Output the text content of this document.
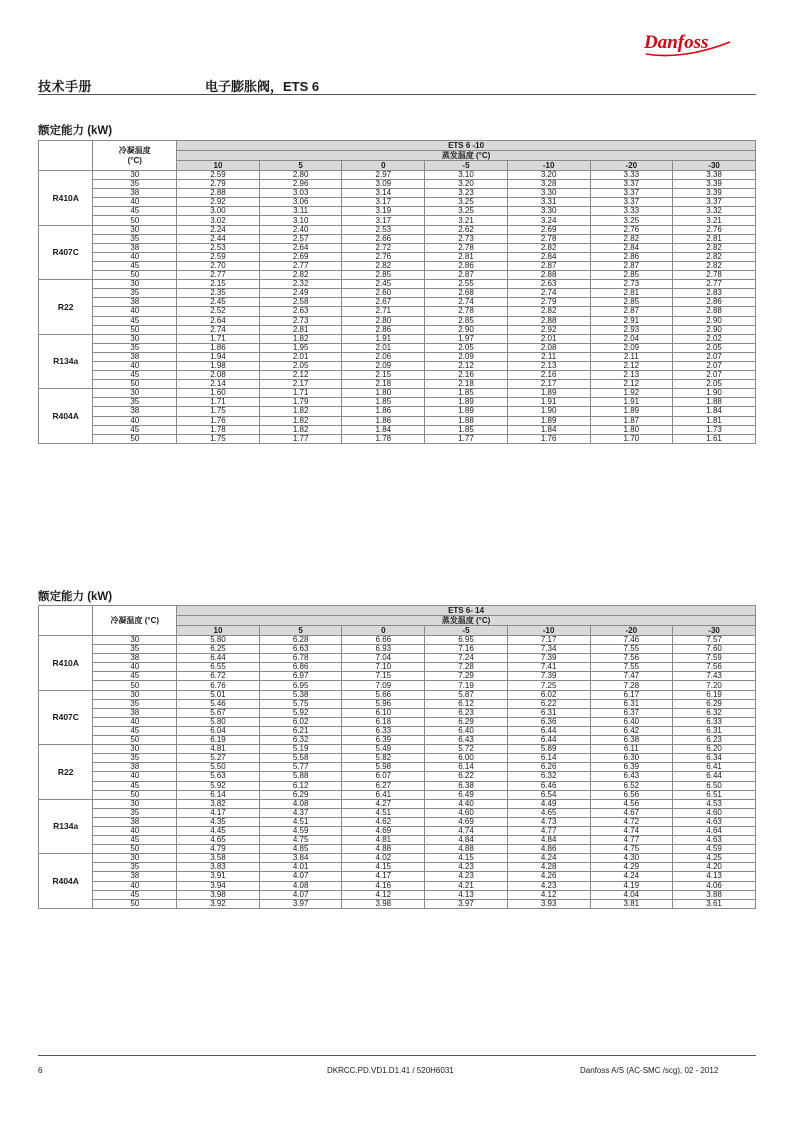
Danfoss
技术手册	电子膨胀阀，ETS 6
额定能力 (kW)

	冷凝温度
(°C)	ETS 6 -10						
		蒸发温度 (°C)						
		10	5	0	-5	-10	-20	-30
R410A	30	2.59	2.80	2.97	3.10	3.20	3.33	3.38
	35	2.79	2.96	3.09	3.20	3.28	3.37	3.39
	38	2.88	3.03	3.14	3.23	3.30	3.37	3.39
	40	2.92	3.06	3.17	3.25	3.31	3.37	3.37
	45	3.00	3.11	3.19	3.25	3.30	3.33	3.32
	50	3.02	3.10	3.17	3.21	3.24	3.25	3.21
R407C	30	2.24	2.40	2.53	2.62	2.69	2.76	2.76
	35	2.44	2.57	2.66	2.73	2.78	2.82	2.81
	38	2.53	2.64	2.72	2.78	2.82	2.84	2.82
	40	2.59	2.69	2.76	2.81	2.84	2.86	2.82
	45	2.70	2.77	2.82	2.86	2.87	2.87	2.82
	50	2.77	2.82	2.85	2.87	2.88	2.85	2.78
R22	30	2.15	2.32	2.45	2.55	2.63	2.73	2.77
	35	2.35	2.49	2.60	2.68	2.74	2.81	2.83
	38	2.45	2.58	2.67	2.74	2.79	2.85	2.86
	40	2.52	2.63	2.71	2.78	2.82	2.87	2.88
	45	2.64	2.73	2.80	2.85	2.88	2.91	2.90
	50	2.74	2.81	2.86	2.90	2.92	2.93	2.90
R134a	30	1.71	1.82	1.91	1.97	2.01	2.04	2.02
	35	1.86	1.95	2.01	2.05	2.08	2.09	2.05
	38	1.94	2.01	2.06	2.09	2.11	2.11	2.07
	40	1.98	2.05	2.09	2.12	2.13	2.12	2.07
	45	2.08	2.12	2.15	2.16	2.16	2.13	2.07
	50	2.14	2.17	2.18	2.18	2.17	2.12	2.05
R404A	30	1.60	1.71	1.80	1.85	1.89	1.92	1.90
	35	1.71	1.79	1.85	1.89	1.91	1.91	1.88
	38	1.75	1.82	1.86	1.89	1.90	1.89	1.84
	40	1.76	1.82	1.86	1.88	1.89	1.87	1.81
	45	1.78	1.82	1.84	1.85	1.84	1.80	1.73
	50	1.75	1.77	1.78	1.77	1.76	1.70	1.61
额定能力 (kW)

	冷凝温度 (°C)	ETS 6- 14						
		蒸发温度 (°C)						
		10	5	0	-5	-10	-20	-30
R410A	30	5.80	6.28	6.66	6.95	7.17	7.46	7.57
	35	6.25	6.63	6.93	7.16	7.34	7.55	7.60
	38	6.44	6.78	7.04	7.24	7.39	7.56	7.59
	40	6.55	6.86	7.10	7.28	7.41	7.55	7.56
	45	6.72	6.97	7.15	7.29	7.39	7.47	7.43
	50	6.76	6.95	7.09	7.19	7.25	7.28	7.20
R407C	30	5.01	5.38	5.66	5.87	6.02	6.17	6.19
	35	5.46	5.75	5.96	6.12	6.22	6.31	6.29
	38	5.67	5.92	6.10	6.23	6.31	6.37	6.32
	40	5.80	6.02	6.18	6.29	6.36	6.40	6.33
	45	6.04	6.21	6.33	6.40	6.44	6.42	6.31
	50	6.19	6.32	6.39	6.43	6.44	6.38	6.23
R22	30	4.81	5.19	5.49	5.72	5.89	6.11	6.20
	35	5.27	5.58	5.82	6.00	6.14	6.30	6.34
	38	5.50	5.77	5.98	6.14	6.26	6.39	6.41
	40	5.63	5.88	6.07	6.22	6.32	6.43	6.44
	45	5.92	6.12	6.27	6.38	6.46	6.52	6.50
	50	6.14	6.29	6.41	6.49	6.54	6.56	6.51
R134a	30	3.82	4.08	4.27	4.40	4.49	4.56	4.53
	35	4.17	4.37	4.51	4.60	4.65	4.67	4.60
	38	4.35	4.51	4.62	4.69	4.73	4.72	4.63
	40	4.45	4.59	4.69	4.74	4.77	4.74	4.64
	45	4.65	4.75	4.81	4.84	4.84	4.77	4.63
	50	4.79	4.85	4.88	4.88	4.86	4.75	4.59
R404A	30	3.58	3.84	4.02	4.15	4.24	4.30	4.25
	35	3.83	4.01	4.15	4.23	4.28	4.29	4.20
	38	3.91	4.07	4.17	4.23	4.26	4.24	4.13
	40	3.94	4.08	4.16	4.21	4.23	4.19	4.06
	45	3.98	4.07	4.12	4.13	4.12	4.04	3.88
	50	3.92	3.97	3.98	3.97	3.93	3.81	3.61
6	DKRCC.PD.VD1.D1.41 / 520H6031	Danfoss A/S (AC-SMC /scg), 02 - 2012
